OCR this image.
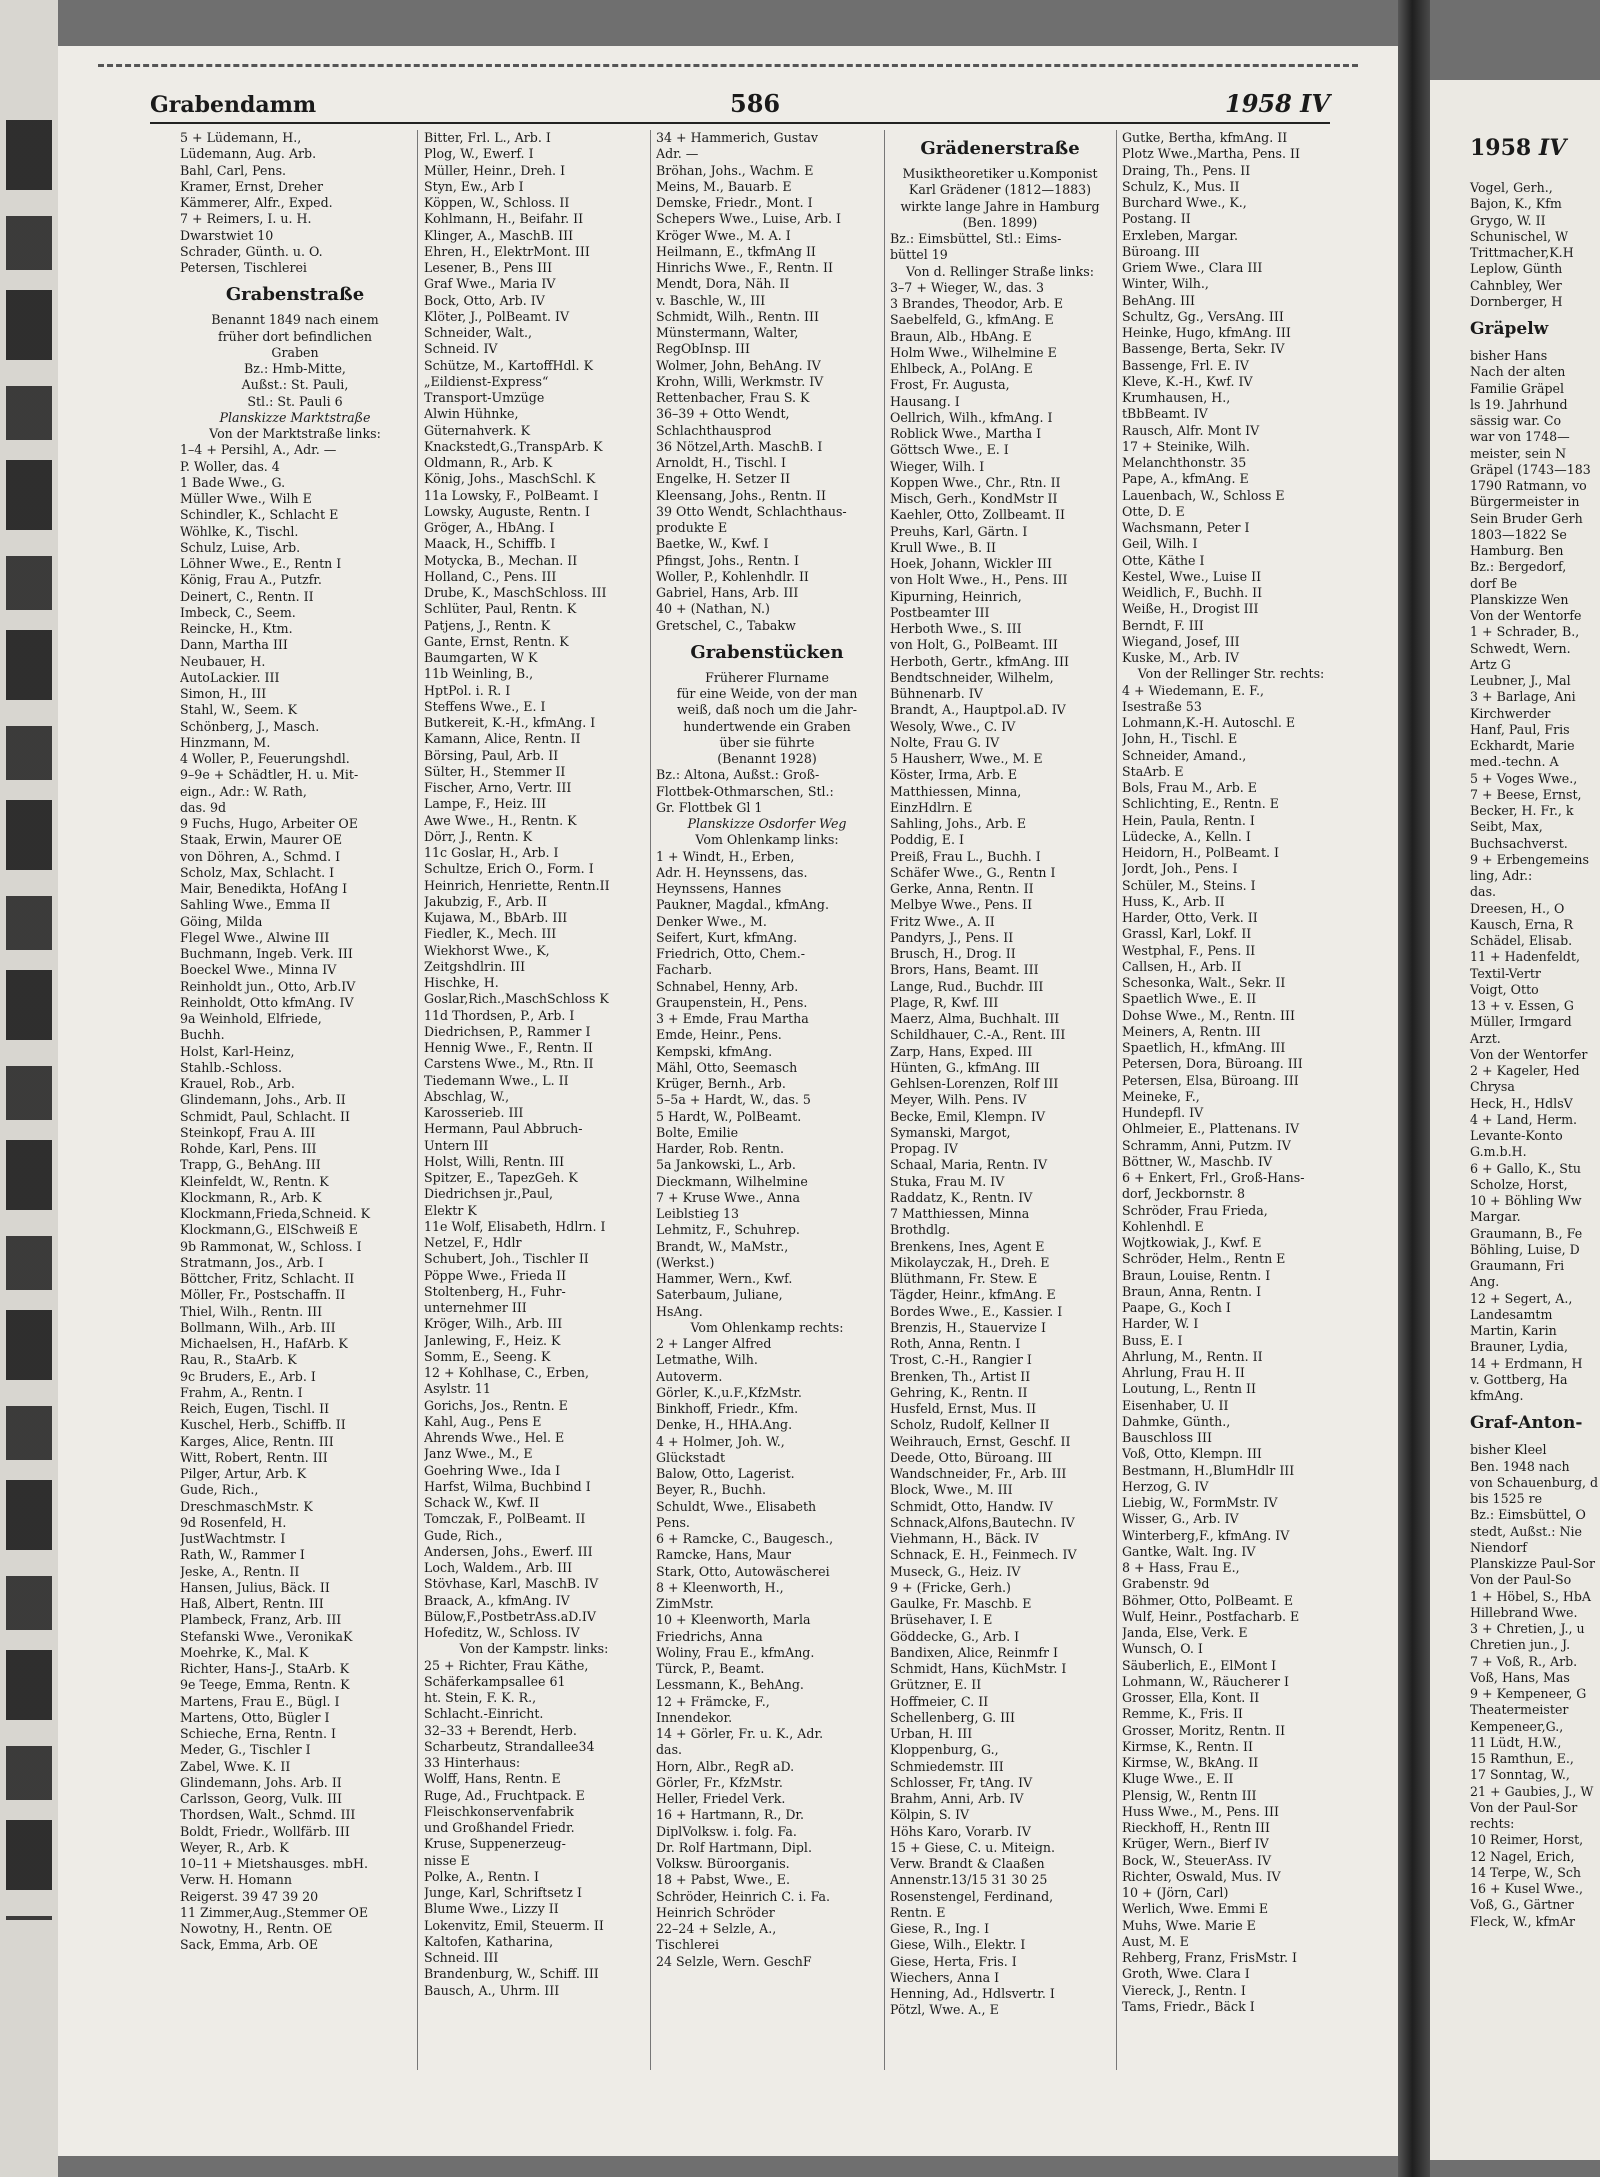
Grabendamm	586	1958 IV
5 + Lüdemann, H.,
Lüdemann, Aug. Arb.
Bahl, Carl, Pens.
Kramer, Ernst, Dreher
Kämmerer, Alfr., Exped.
7 + Reimers, I. u. H.
Dwarstwiet 10
Schrader, Günth. u. O.
Petersen, Tischlerei
Grabenstraße
Benannt 1849 nach einem
früher dort befindlichen
Graben
Bz.: Hmb-Mitte,
Außst.: St. Pauli,
Stl.: St. Pauli 6
Planskizze Marktstraße
Von der Marktstraße links:
1–4 + Persihl, A., Adr. —
P. Woller, das. 4
1 Bade Wwe., G.
Müller Wwe., Wilh E
Schindler, K., Schlacht E
Wöhlke, K., Tischl.
Schulz, Luise, Arb.
Löhner Wwe., E., Rentn I
König, Frau A., Putzfr.
Deinert, C., Rentn. II
Imbeck, C., Seem.
Reincke, H., Ktm.
Dann, Martha III
Neubauer, H.
AutoLackier. III
Simon, H., III
Stahl, W., Seem. K
Schönberg, J., Masch.
Hinzmann, M.
4 Woller, P., Feuerungshdl.
9–9e + Schädtler, H. u. Mit-
eign., Adr.: W. Rath,
das. 9d
9 Fuchs, Hugo, Arbeiter OE
Staak, Erwin, Maurer OE
von Döhren, A., Schmd. I
Scholz, Max, Schlacht. I
Mair, Benedikta, HofAng I
Sahling Wwe., Emma II
Göing, Milda
Flegel Wwe., Alwine III
Buchmann, Ingeb. Verk. III
Boeckel Wwe., Minna IV
Reinholdt jun., Otto, Arb.IV
Reinholdt, Otto kfmAng. IV
9a Weinhold, Elfriede,
Buchh.
Holst, Karl-Heinz,
Stahlb.-Schloss.
Krauel, Rob., Arb.
Glindemann, Johs., Arb. II
Schmidt, Paul, Schlacht. II
Steinkopf, Frau A. III
Rohde, Karl, Pens. III
Trapp, G., BehAng. III
Kleinfeldt, W., Rentn. K
Klockmann, R., Arb. K
Klockmann,Frieda,Schneid. K
Klockmann,G., ElSchweiß E
9b Rammonat, W., Schloss. I
Stratmann, Jos., Arb. I
Böttcher, Fritz, Schlacht. II
Möller, Fr., Postschaffn. II
Thiel, Wilh., Rentn. III
Bollmann, Wilh., Arb. III
Michaelsen, H., HafArb. K
Rau, R., StaArb. K
9c Bruders, E., Arb. I
Frahm, A., Rentn. I
Reich, Eugen, Tischl. II
Kuschel, Herb., Schiffb. II
Karges, Alice, Rentn. III
Witt, Robert, Rentn. III
Pilger, Artur, Arb. K
Gude, Rich.,
DreschmaschMstr. K
9d Rosenfeld, H.
JustWachtmstr. I
Rath, W., Rammer I
Jeske, A., Rentn. II
Hansen, Julius, Bäck. II
Haß, Albert, Rentn. III
Plambeck, Franz, Arb. III
Stefanski Wwe., VeronikaK
Moehrke, K., Mal. K
Richter, Hans-J., StaArb. K
9e Teege, Emma, Rentn. K
Martens, Frau E., Bügl. I
Martens, Otto, Bügler I
Schieche, Erna, Rentn. I
Meder, G., Tischler I
Zabel, Wwe. K. II
Glindemann, Johs. Arb. II
Carlsson, Georg, Vulk. III
Thordsen, Walt., Schmd. III
Boldt, Friedr., Wollfärb. III
Weyer, R., Arb. K
10–11 + Mietshausges. mbH.
Verw. H. Homann
Reigerst. 39 47 39 20
11 Zimmer,Aug.,Stemmer OE
Nowotny, H., Rentn. OE
Sack, Emma, Arb. OE
Bitter, Frl. L., Arb. I
Plog, W., Ewerf. I
Müller, Heinr., Dreh. I
Styn, Ew., Arb I
Köppen, W., Schloss. II
Kohlmann, H., Beifahr. II
Klinger, A., MaschB. III
Ehren, H., ElektrMont. III
Lesener, B., Pens III
Graf Wwe., Maria IV
Bock, Otto, Arb. IV
Klöter, J., PolBeamt. IV
Schneider, Walt.,
Schneid. IV
Schütze, M., KartoffHdl. K
„Eildienst-Express“
Transport-Umzüge
Alwin Hühnke,
Güternahverk. K
Knackstedt,G.,TranspArb. K
Oldmann, R., Arb. K
König, Johs., MaschSchl. K
11a Lowsky, F., PolBeamt. I
Lowsky, Auguste, Rentn. I
Gröger, A., HbAng. I
Maack, H., Schiffb. I
Motycka, B., Mechan. II
Holland, C., Pens. III
Drube, K., MaschSchloss. III
Schlüter, Paul, Rentn. K
Patjens, J., Rentn. K
Gante, Ernst, Rentn. K
Baumgarten, W K
11b Weinling, B.,
HptPol. i. R. I
Steffens Wwe., E. I
Butkereit, K.-H., kfmAng. I
Kamann, Alice, Rentn. II
Börsing, Paul, Arb. II
Sülter, H., Stemmer II
Fischer, Arno, Vertr. III
Lampe, F., Heiz. III
Awe Wwe., H., Rentn. K
Dörr, J., Rentn. K
11c Goslar, H., Arb. I
Schultze, Erich O., Form. I
Heinrich, Henriette, Rentn.II
Jakubzig, F., Arb. II
Kujawa, M., BbArb. III
Fiedler, K., Mech. III
Wiekhorst Wwe., K,
Zeitgshdlrin. III
Hischke, H.
Goslar,Rich.,MaschSchloss K
11d Thordsen, P., Arb. I
Diedrichsen, P., Rammer I
Hennig Wwe., F., Rentn. II
Carstens Wwe., M., Rtn. II
Tiedemann Wwe., L. II
Abschlag, W.,
Karosserieb. III
Hermann, Paul Abbruch-
Untern III
Holst, Willi, Rentn. III
Spitzer, E., TapezGeh. K
Diedrichsen jr.,Paul,
Elektr K
11e Wolf, Elisabeth, Hdlrn. I
Netzel, F., Hdlr
Schubert, Joh., Tischler II
Pöppe Wwe., Frieda II
Stoltenberg, H., Fuhr-
unternehmer III
Kröger, Wilh., Arb. III
Janlewing, F., Heiz. K
Somm, E., Seeng. K
12 + Kohlhase, C., Erben,
Asylstr. 11
Gorichs, Jos., Rentn. E
Kahl, Aug., Pens E
Ahrends Wwe., Hel. E
Janz Wwe., M., E
Goehring Wwe., Ida I
Harfst, Wilma, Buchbind I
Schack W., Kwf. II
Tomczak, F., PolBeamt. II
Gude, Rich.,
Andersen, Johs., Ewerf. III
Loch, Waldem., Arb. III
Stövhase, Karl, MaschB. IV
Braack, A., kfmAng. IV
Bülow,F.,PostbetrAss.aD.IV
Hofeditz, W., Schloss. IV
Von der Kampstr. links:
25 + Richter, Frau Käthe,
Schäferkampsallee 61
ht. Stein, F. K. R.,
Schlacht.-Einricht.
32–33 + Berendt, Herb.
Scharbeutz, Strandallee34
33 Hinterhaus:
Wolff, Hans, Rentn. E
Ruge, Ad., Fruchtpack. E
Fleischkonservenfabrik
und Großhandel Friedr.
Kruse, Suppenerzeug-
nisse E
Polke, A., Rentn. I
Junge, Karl, Schriftsetz I
Blume Wwe., Lizzy II
Lokenvitz, Emil, Steuerm. II
Kaltofen, Katharina,
Schneid. III
Brandenburg, W., Schiff. III
Bausch, A., Uhrm. III
34 + Hammerich, Gustav
Adr. —
Bröhan, Johs., Wachm. E
Meins, M., Bauarb. E
Demske, Friedr., Mont. I
Schepers Wwe., Luise, Arb. I
Kröger Wwe., M. A. I
Heilmann, E., tkfmAng II
Hinrichs Wwe., F., Rentn. II
Mendt, Dora, Näh. II
v. Baschle, W., III
Schmidt, Wilh., Rentn. III
Münstermann, Walter,
RegObInsp. III
Wolmer, John, BehAng. IV
Krohn, Willi, Werkmstr. IV
Rettenbacher, Frau S. K
36–39 + Otto Wendt,
Schlachthausprod
36 Nötzel,Arth. MaschB. I
Arnoldt, H., Tischl. I
Engelke, H. Setzer II
Kleensang, Johs., Rentn. II
39 Otto Wendt, Schlachthaus-
produkte E
Baetke, W., Kwf. I
Pfingst, Johs., Rentn. I
Woller, P., Kohlenhdlr. II
Gabriel, Hans, Arb. III
40 + (Nathan, N.)
Gretschel, C., Tabakw
Grabenstücken
Früherer Flurname
für eine Weide, von der man
weiß, daß noch um die Jahr-
hundertwende ein Graben
über sie führte
(Benannt 1928)
Bz.: Altona, Außst.: Groß-
Flottbek-Othmarschen, Stl.:
Gr. Flottbek Gl 1
Planskizze Osdorfer Weg
Vom Ohlenkamp links:
1 + Windt, H., Erben,
Adr. H. Heynssens, das.
Heynssens, Hannes
Paukner, Magdal., kfmAng.
Denker Wwe., M.
Seifert, Kurt, kfmAng.
Friedrich, Otto, Chem.-
Facharb.
Schnabel, Henny, Arb.
Graupenstein, H., Pens.
3 + Emde, Frau Martha
Emde, Heinr., Pens.
Kempski, kfmAng.
Mähl, Otto, Seemasch
Krüger, Bernh., Arb.
5–5a + Hardt, W., das. 5
5 Hardt, W., PolBeamt.
Bolte, Emilie
Harder, Rob. Rentn.
5a Jankowski, L., Arb.
Dieckmann, Wilhelmine
7 + Kruse Wwe., Anna
Leiblstieg 13
Lehmitz, F., Schuhrep.
Brandt, W., MaMstr.,
(Werkst.)
Hammer, Wern., Kwf.
Saterbaum, Juliane,
HsAng.
Vom Ohlenkamp rechts:
2 + Langer Alfred
Letmathe, Wilh.
Autoverm.
Görler, K.,u.F.,KfzMstr.
Binkhoff, Friedr., Kfm.
Denke, H., HHA.Ang.
4 + Holmer, Joh. W.,
Glückstadt
Balow, Otto, Lagerist.
Beyer, R., Buchh.
Schuldt, Wwe., Elisabeth
Pens.
6 + Ramcke, C., Baugesch.,
Ramcke, Hans, Maur
Stark, Otto, Autowäscherei
8 + Kleenworth, H.,
ZimMstr.
10 + Kleenworth, Marla
Friedrichs, Anna
Woliny, Frau E., kfmAng.
Türck, P., Beamt.
Lessmann, K., BehAng.
12 + Främcke, F.,
Innendekor.
14 + Görler, Fr. u. K., Adr.
das.
Horn, Albr., RegR aD.
Görler, Fr., KfzMstr.
Heller, Friedel Verk.
16 + Hartmann, R., Dr.
DiplVolksw. i. folg. Fa.
Dr. Rolf Hartmann, Dipl.
Volksw. Büroorganis.
18 + Pabst, Wwe., E.
Schröder, Heinrich C. i. Fa.
Heinrich Schröder
22–24 + Selzle, A.,
Tischlerei
24 Selzle, Wern. GeschF
Grädenerstraße
Musiktheoretiker u.Komponist
Karl Grädener (1812—1883)
wirkte lange Jahre in Hamburg
(Ben. 1899)
Bz.: Eimsbüttel, Stl.: Eims-
büttel 19
Von d. Rellinger Straße links:
3–7 + Wieger, W., das. 3
3 Brandes, Theodor, Arb. E
Saebelfeld, G., kfmAng. E
Braun, Alb., HbAng. E
Holm Wwe., Wilhelmine E
Ehlbeck, A., PolAng. E
Frost, Fr. Augusta,
Hausang. I
Oellrich, Wilh., kfmAng. I
Roblick Wwe., Martha I
Göttsch Wwe., E. I
Wieger, Wilh. I
Koppen Wwe., Chr., Rtn. II
Misch, Gerh., KondMstr II
Kaehler, Otto, Zollbeamt. II
Preuhs, Karl, Gärtn. I
Krull Wwe., B. II
Hoek, Johann, Wickler III
von Holt Wwe., H., Pens. III
Kipurning, Heinrich,
Postbeamter III
Herboth Wwe., S. III
von Holt, G., PolBeamt. III
Herboth, Gertr., kfmAng. III
Bendtschneider, Wilhelm,
Bühnenarb. IV
Brandt, A., Hauptpol.aD. IV
Wesoly, Wwe., C. IV
Nolte, Frau G. IV
5 Hausherr, Wwe., M. E
Köster, Irma, Arb. E
Matthiessen, Minna,
EinzHdlrn. E
Sahling, Johs., Arb. E
Poddig, E. I
Preiß, Frau L., Buchh. I
Schäfer Wwe., G., Rentn I
Gerke, Anna, Rentn. II
Melbye Wwe., Pens. II
Fritz Wwe., A. II
Pandyrs, J., Pens. II
Brusch, H., Drog. II
Brors, Hans, Beamt. III
Lange, Rud., Buchdr. III
Plage, R, Kwf. III
Maerz, Alma, Buchhalt. III
Schildhauer, C.-A., Rent. III
Zarp, Hans, Exped. III
Hünten, G., kfmAng. III
Gehlsen-Lorenzen, Rolf III
Meyer, Wilh. Pens. IV
Becke, Emil, Klempn. IV
Symanski, Margot,
Propag. IV
Schaal, Maria, Rentn. IV
Stuka, Frau M. IV
Raddatz, K., Rentn. IV
7 Matthiessen, Minna
Brothdlg.
Brenkens, Ines, Agent E
Mikolayczak, H., Dreh. E
Blüthmann, Fr. Stew. E
Tägder, Heinr., kfmAng. E
Bordes Wwe., E., Kassier. I
Brenzis, H., Stauervize I
Roth, Anna, Rentn. I
Trost, C.-H., Rangier I
Brenken, Th., Artist II
Gehring, K., Rentn. II
Husfeld, Ernst, Mus. II
Scholz, Rudolf, Kellner II
Weihrauch, Ernst, Geschf. II
Deede, Otto, Büroang. III
Wandschneider, Fr., Arb. III
Block, Wwe., M. III
Schmidt, Otto, Handw. IV
Schnack,Alfons,Bautechn. IV
Viehmann, H., Bäck. IV
Schnack, E. H., Feinmech. IV
Museck, G., Heiz. IV
9 + (Fricke, Gerh.)
Gaulke, Fr. Maschb. E
Brüsehaver, I. E
Göddecke, G., Arb. I
Bandixen, Alice, Reinmfr I
Schmidt, Hans, KüchMstr. I
Grützner, E. II
Hoffmeier, C. II
Schellenberg, G. III
Urban, H. III
Kloppenburg, G.,
Schmiedemstr. III
Schlosser, Fr, tAng. IV
Brahm, Anni, Arb. IV
Kölpin, S. IV
Höhs Karo, Vorarb. IV
15 + Giese, C. u. Miteign.
Verw. Brandt & Claaßen
Annenstr.13/15 31 30 25
Rosenstengel, Ferdinand,
Rentn. E
Giese, R., Ing. I
Giese, Wilh., Elektr. I
Giese, Herta, Fris. I
Wiechers, Anna I
Henning, Ad., Hdlsvertr. I
Pötzl, Wwe. A., E
Gutke, Bertha, kfmAng. II
Plotz Wwe.,Martha, Pens. II
Draing, Th., Pens. II
Schulz, K., Mus. II
Burchard Wwe., K.,
Postang. II
Erxleben, Margar.
Büroang. III
Griem Wwe., Clara III
Winter, Wilh.,
BehAng. III
Schultz, Gg., VersAng. III
Heinke, Hugo, kfmAng. III
Bassenge, Berta, Sekr. IV
Bassenge, Frl. E. IV
Kleve, K.-H., Kwf. IV
Krumhausen, H.,
tBbBeamt. IV
Rausch, Alfr. Mont IV
17 + Steinike, Wilh.
Melanchthonstr. 35
Pape, A., kfmAng. E
Lauenbach, W., Schloss E
Otte, D. E
Wachsmann, Peter I
Geil, Wilh. I
Otte, Käthe I
Kestel, Wwe., Luise II
Weidlich, F., Buchh. II
Weiße, H., Drogist III
Berndt, F. III
Wiegand, Josef, III
Kuske, M., Arb. IV
Von der Rellinger Str. rechts:
4 + Wiedemann, E. F.,
Isestraße 53
Lohmann,K.-H. Autoschl. E
John, H., Tischl. E
Schneider, Amand.,
StaArb. E
Bols, Frau M., Arb. E
Schlichting, E., Rentn. E
Hein, Paula, Rentn. I
Lüdecke, A., Kelln. I
Heidorn, H., PolBeamt. I
Jordt, Joh., Pens. I
Schüler, M., Steins. I
Huss, K., Arb. II
Harder, Otto, Verk. II
Grassl, Karl, Lokf. II
Westphal, F., Pens. II
Callsen, H., Arb. II
Schesonka, Walt., Sekr. II
Spaetlich Wwe., E. II
Dohse Wwe., M., Rentn. III
Meiners, A, Rentn. III
Spaetlich, H., kfmAng. III
Petersen, Dora, Büroang. III
Petersen, Elsa, Büroang. III
Meineke, F.,
Hundepfl. IV
Ohlmeier, E., Plattenans. IV
Schramm, Anni, Putzm. IV
Böttner, W., Maschb. IV
6 + Enkert, Frl., Groß-Hans-
dorf, Jeckbornstr. 8
Schröder, Frau Frieda,
Kohlenhdl. E
Wojtkowiak, J., Kwf. E
Schröder, Helm., Rentn E
Braun, Louise, Rentn. I
Braun, Anna, Rentn. I
Paape, G., Koch I
Harder, W. I
Buss, E. I
Ahrlung, M., Rentn. II
Ahrlung, Frau H. II
Loutung, L., Rentn II
Eisenhaber, U. II
Dahmke, Günth.,
Bauschloss III
Voß, Otto, Klempn. III
Bestmann, H.,BlumHdlr III
Herzog, G. IV
Liebig, W., FormMstr. IV
Wisser, G., Arb. IV
Winterberg,F., kfmAng. IV
Gantke, Walt. Ing. IV
8 + Hass, Frau E.,
Grabenstr. 9d
Böhmer, Otto, PolBeamt. E
Wulf, Heinr., Postfacharb. E
Janda, Else, Verk. E
Wunsch, O. I
Säuberlich, E., ElMont I
Lohmann, W., Räucherer I
Grosser, Ella, Kont. II
Remme, K., Fris. II
Grosser, Moritz, Rentn. II
Kirmse, K., Rentn. II
Kirmse, W., BkAng. II
Kluge Wwe., E. II
Plensig, W., Rentn III
Huss Wwe., M., Pens. III
Rieckhoff, H., Rentn III
Krüger, Wern., Bierf IV
Bock, W., SteuerAss. IV
Richter, Oswald, Mus. IV
10 + (Jörn, Carl)
Werlich, Wwe. Emmi E
Muhs, Wwe. Marie E
Aust, M. E
Rehberg, Franz, FrisMstr. I
Groth, Wwe. Clara I
Viereck, J., Rentn. I
Tams, Friedr., Bäck I
1958 IV
Vogel, Gerh.,
Bajon, K., Kfm
Grygo, W. II
Schunischel, W
Trittmacher,K.H
Leplow, Günth
Cahnbley, Wer
Dornberger, H
Gräpelw
bisher Hans
Nach der alten
Familie Gräpel
ls 19. Jahrhund
sässig war. Co
war von 1748—
meister, sein N
Gräpel (1743—183
1790 Ratmann, vo
Bürgermeister in
Sein Bruder Gerh
1803—1822 Se
Hamburg. Ben
Bz.: Bergedorf,
dorf Be
Planskizze Wen
Von der Wentorfe
1 + Schrader, B.,
Schwedt, Wern.
Artz G
Leubner, J., Mal
3 + Barlage, Ani
Kirchwerder
Hanf, Paul, Fris
Eckhardt, Marie
med.-techn. A
5 + Voges Wwe.,
7 + Beese, Ernst,
Becker, H. Fr., k
Seibt, Max,
Buchsachverst.
9 + Erbengemeins
ling, Adr.:
das.
Dreesen, H., O
Kausch, Erna, R
Schädel, Elisab.
11 + Hadenfeldt,
Textil-Vertr
Voigt, Otto
13 + v. Essen, G
Müller, Irmgard
Arzt.
Von der Wentorfer
2 + Kageler, Hed
Chrysa
Heck, H., HdlsV
4 + Land, Herm.
Levante-Konto
G.m.b.H.
6 + Gallo, K., Stu
Scholze, Horst,
10 + Böhling Ww
Margar.
Graumann, B., Fe
Böhling, Luise, D
Graumann, Fri
Ang.
12 + Segert, A.,
Landesamtm
Martin, Karin
Brauner, Lydia,
14 + Erdmann, H
v. Gottberg, Ha
kfmAng.
Graf-Anton-
bisher Kleel
Ben. 1948 nach
von Schauenburg, d
bis 1525 re
Bz.: Eimsbüttel, O
stedt, Außst.: Nie
Niendorf
Planskizze Paul-Sor
Von der Paul-So
1 + Höbel, S., HbA
Hillebrand Wwe.
3 + Chretien, J., u
Chretien jun., J.
7 + Voß, R., Arb.
Voß, Hans, Mas
9 + Kempeneer, G
Theatermeister
Kempeneer,G.,
11 Lüdt, H.W.,
15 Ramthun, E.,
17 Sonntag, W.,
21 + Gaubies, J., W
Von der Paul-Sor
rechts:
10 Reimer, Horst,
12 Nagel, Erich,
14 Terpe, W., Sch
16 + Kusel Wwe.,
Voß, G., Gärtner
Fleck, W., kfmAr
